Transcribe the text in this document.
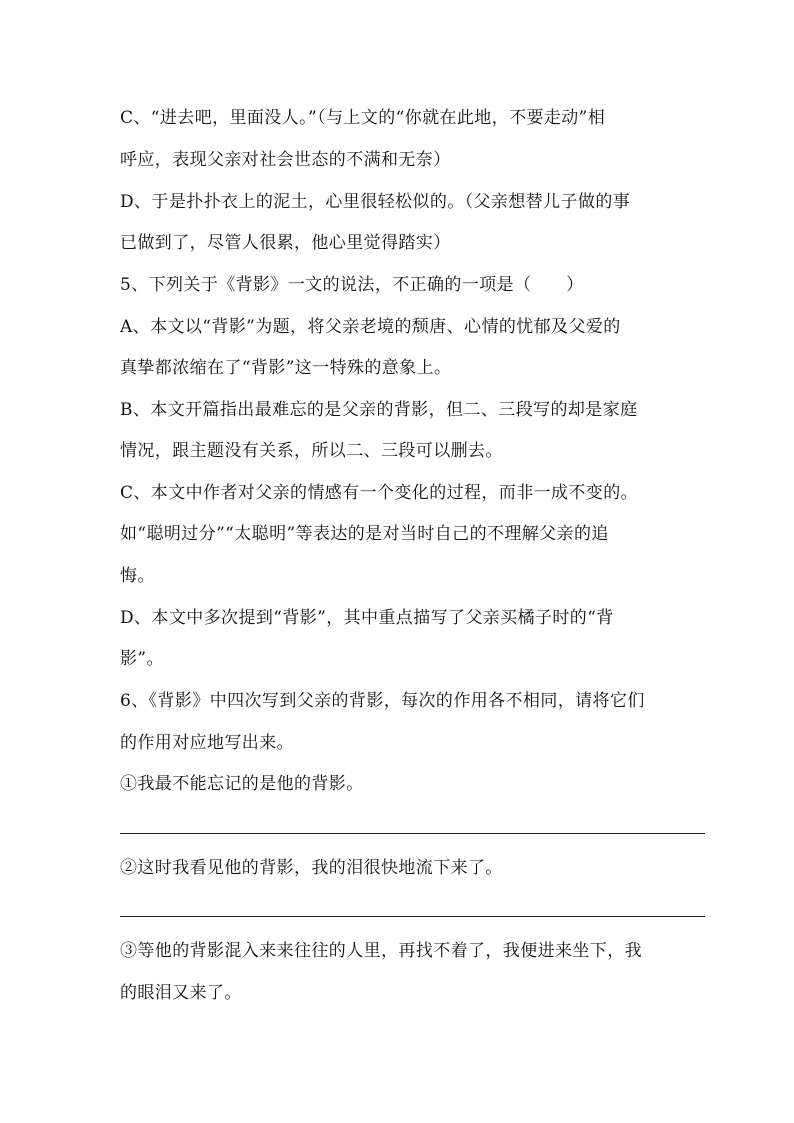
C、“进去吧，里面没人。”（与上文的“你就在此地，不要走动”相
呼应，表现父亲对社会世态的不满和无奈）
D、于是扑扑衣上的泥土，心里很轻松似的。（父亲想替儿子做的事
已做到了，尽管人很累，他心里觉得踏实）
5、下列关于《背影》一文的说法，不正确的一项是（　　）
A、本文以“背影”为题，将父亲老境的颓唐、心情的忧郁及父爱的
真挚都浓缩在了“背影”这一特殊的意象上。
B、本文开篇指出最难忘的是父亲的背影，但二、三段写的却是家庭
情况，跟主题没有关系，所以二、三段可以删去。
C、本文中作者对父亲的情感有一个变化的过程，而非一成不变的。
如“聪明过分”“太聪明”等表达的是对当时自己的不理解父亲的追
悔。
D、本文中多次提到“背影”，其中重点描写了父亲买橘子时的“背
影”。
6、《背影》中四次写到父亲的背影，每次的作用各不相同，请将它们
的作用对应地写出来。
①我最不能忘记的是他的背影。
②这时我看见他的背影，我的泪很快地流下来了。
③等他的背影混入来来往往的人里，再找不着了，我便进来坐下，我
的眼泪又来了。
